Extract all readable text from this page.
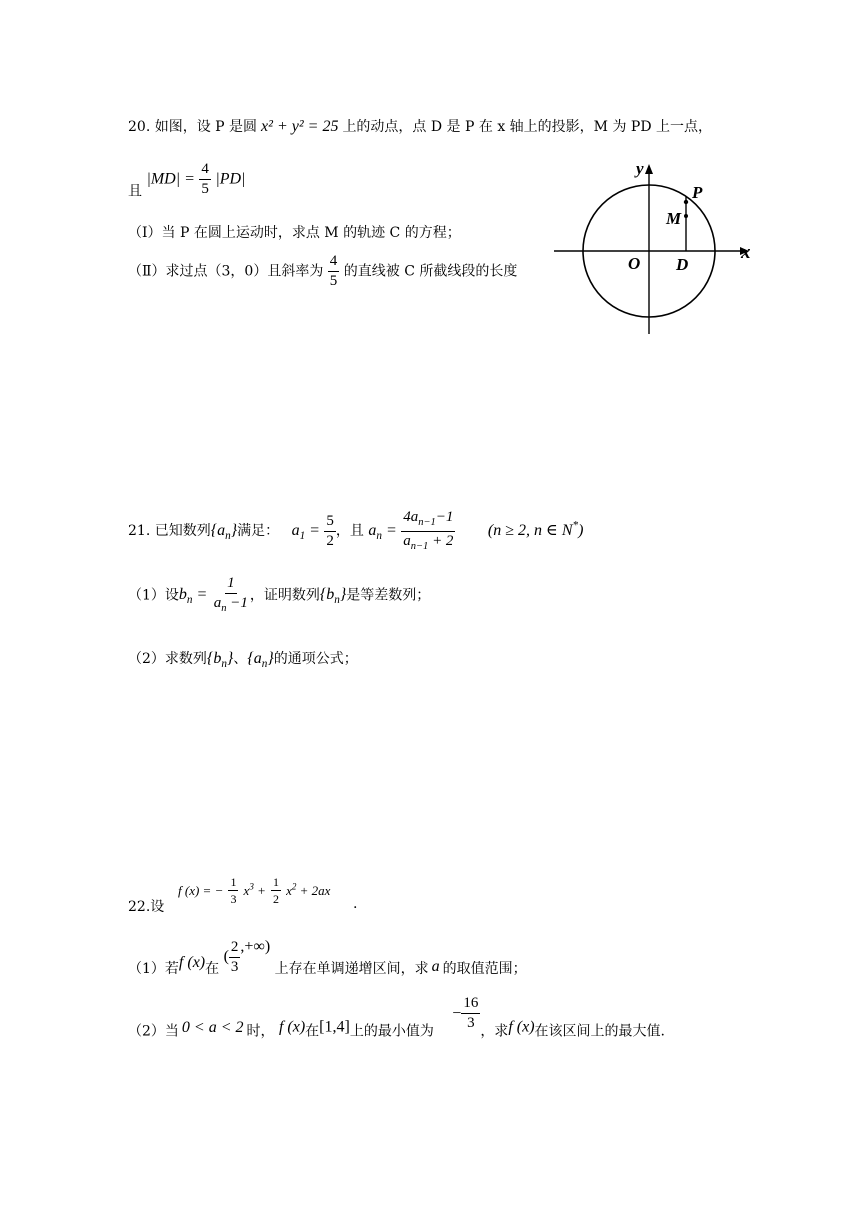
20. 如图，设 P 是圆 x² + y² = 25 上的动点，点 D 是 P 在 x 轴上的投影，M 为 PD 上一点，
且 $|MD| = \frac{4}{5} |PD|$
（Ⅰ）当 P 在圆上运动时，求点 M 的轨迹 C 的方程；
（Ⅱ）求过点（3，0）且斜率为 $\frac{4}{5}$ 的直线被 C 所截线段的长度
y
x
O D
P
M
21. 已知数列$\{a_n\}$满足： $a_1 = \frac{5}{2}$ ，且 $a_n = \frac{4a_{n-1}-1}{a_{n-1} + 2} (n \ge 2$, n ∈ N*)
（1）设$b_n = \frac{1}{a_n -1}$ ，证明数列$\{b_n\}$是等差数列；
（2）求数列$\{b_n\}$、$\{a_n\}$的通项公式；
f (x) = − $\frac{1}{3} x^3 + \frac{1}{2} x^2 + 2ax$
22.设	.
（1）若f (x)在 ( $\frac{2}{3}$ ,+∞) 上存在单调递增区间，求 a 的取值范围；
（2）当 0 < a < 2 时， f (x)在[1,4]上的最小值为 − $\frac{16}{3}$
，求f (x)在该区间上的最大值.
